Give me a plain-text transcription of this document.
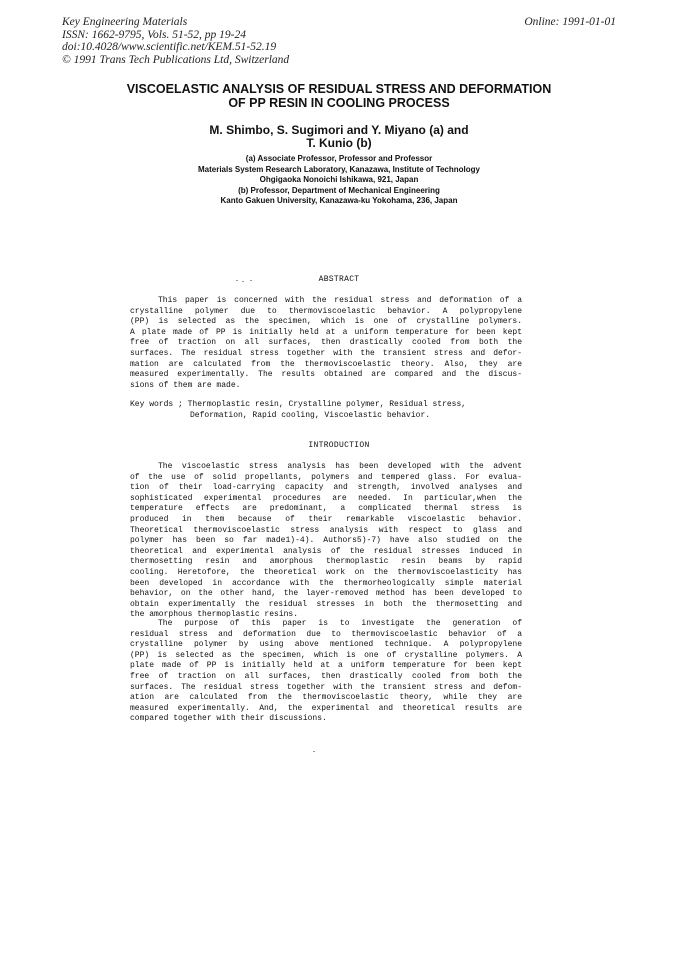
Key Engineering Materials
ISSN: 1662-9795, Vols. 51-52, pp 19-24
doi:10.4028/www.scientific.net/KEM.51-52.19
© 1991 Trans Tech Publications Ltd, Switzerland
Online: 1991-01-01
VISCOELASTIC ANALYSIS OF RESIDUAL STRESS AND DEFORMATION
OF PP RESIN IN COOLING PROCESS
M. Shimbo, S. Sugimori and Y. Miyano (a) and
T. Kunio (b)
(a) Associate Professor, Professor and Professor
Materials System Research Laboratory, Kanazawa, Institute of Technology
Ohgigaoka Nonoichi Ishikawa, 921, Japan
(b) Professor, Department of Mechanical Engineering
Kanto Gakuen University, Kanazawa-ku Yokohama, 236, Japan
ABSTRACT
This paper is concerned with the residual stress and deformation of a
crystalline polymer due to thermoviscoelastic behavior. A polypropylene
(PP) is selected as the specimen, which is one of crystalline polymers.
A plate made of PP is initially held at a uniform temperature for been kept
free of traction on all surfaces, then drastically cooled from both the
surfaces. The residual stress together with the transient stress and defor-
mation are calculated from the thermoviscoelastic theory. Also, they are
measured experimentally. The results obtained are compared and the discus-
sions of them are made.
Key words ; Thermoplastic resin, Crystalline polymer, Residual stress,
Deformation, Rapid cooling, Viscoelastic behavior.
INTRODUCTION
The viscoelastic stress analysis has been developed with the advent
of the use of solid propellants, polymers and tempered glass. For evalua-
tion of their load-carrying capacity and strength, involved analyses and
sophisticated experimental procedures are needed. In particular,when the
temperature effects are predominant, a complicated thermal stress is
produced in them because of their remarkable viscoelastic behavior.
Theoretical thermoviscoelastic stress analysis with respect to glass and
polymer has been so far made1)-4). Authors5)-7) have also studied on the
theoretical and experimental analysis of the residual stresses induced in
thermosetting resin and amorphous thermoplastic resin beams by rapid
cooling. Heretofore, the theoretical work on the thermoviscoelasticity has
been developed in accordance with the thermorheologically simple material
behavior, on the other hand, the layer-removed method has been developed to
obtain experimentally the residual stresses in both the thermosetting and
the amorphous thermoplastic resins.
The purpose of this paper is to investigate the generation of
residual stress and deformation due to thermoviscoelastic behavior of a
crystalline polymer by using above mentioned technique. A polypropylene
(PP) is selected as the specimen, which is one of crystalline polymers. A
plate made of PP is initially held at a uniform temperature for been kept
free of traction on all surfaces, then drastically cooled from both the
surfaces. The residual stress together with the transient stress and defom-
ation are calculated from the thermoviscoelastic theory, while they are
measured experimentally. And, the experimental and theoretical results are
compared together with their discussions.
